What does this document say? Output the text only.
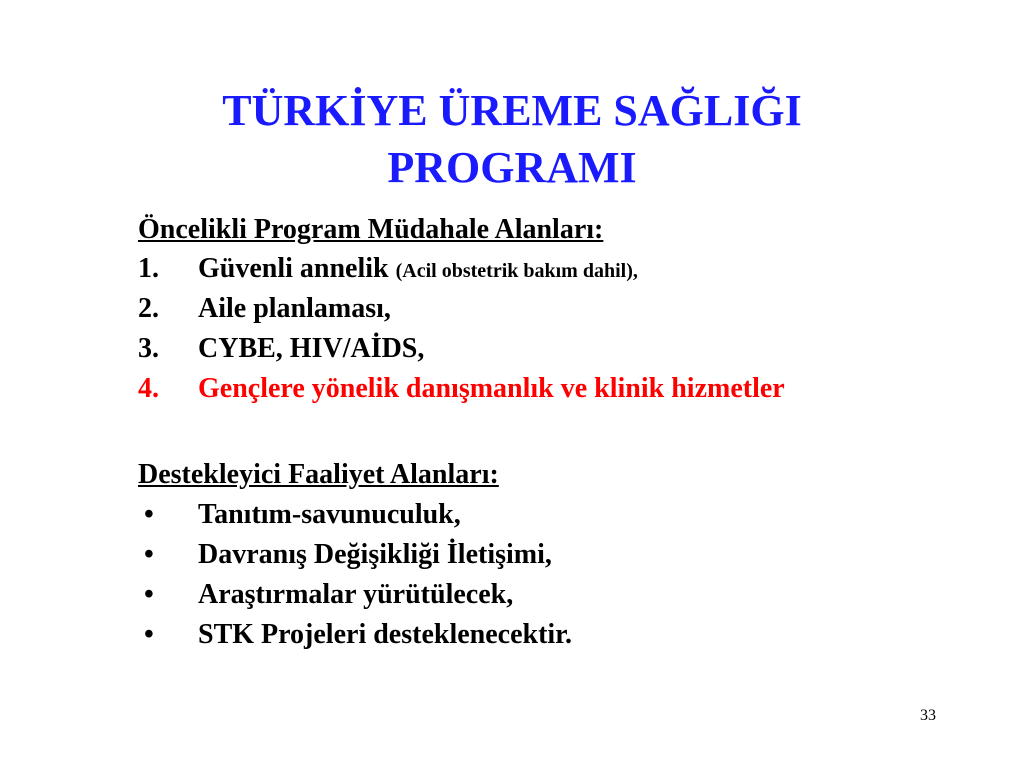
TÜRKİYE ÜREME SAĞLIĞI
PROGRAMI
Öncelikli Program Müdahale Alanları:
1. Güvenli annelik (Acil obstetrik bakım dahil),
2. Aile planlaması,
3. CYBE, HIV/AİDS,
4. Gençlere yönelik danışmanlık ve klinik hizmetler
Destekleyici Faaliyet Alanları:
• Tanıtım-savunuculuk,
• Davranış Değişikliği İletişimi,
• Araştırmalar yürütülecek,
• STK Projeleri desteklenecektir.
33
